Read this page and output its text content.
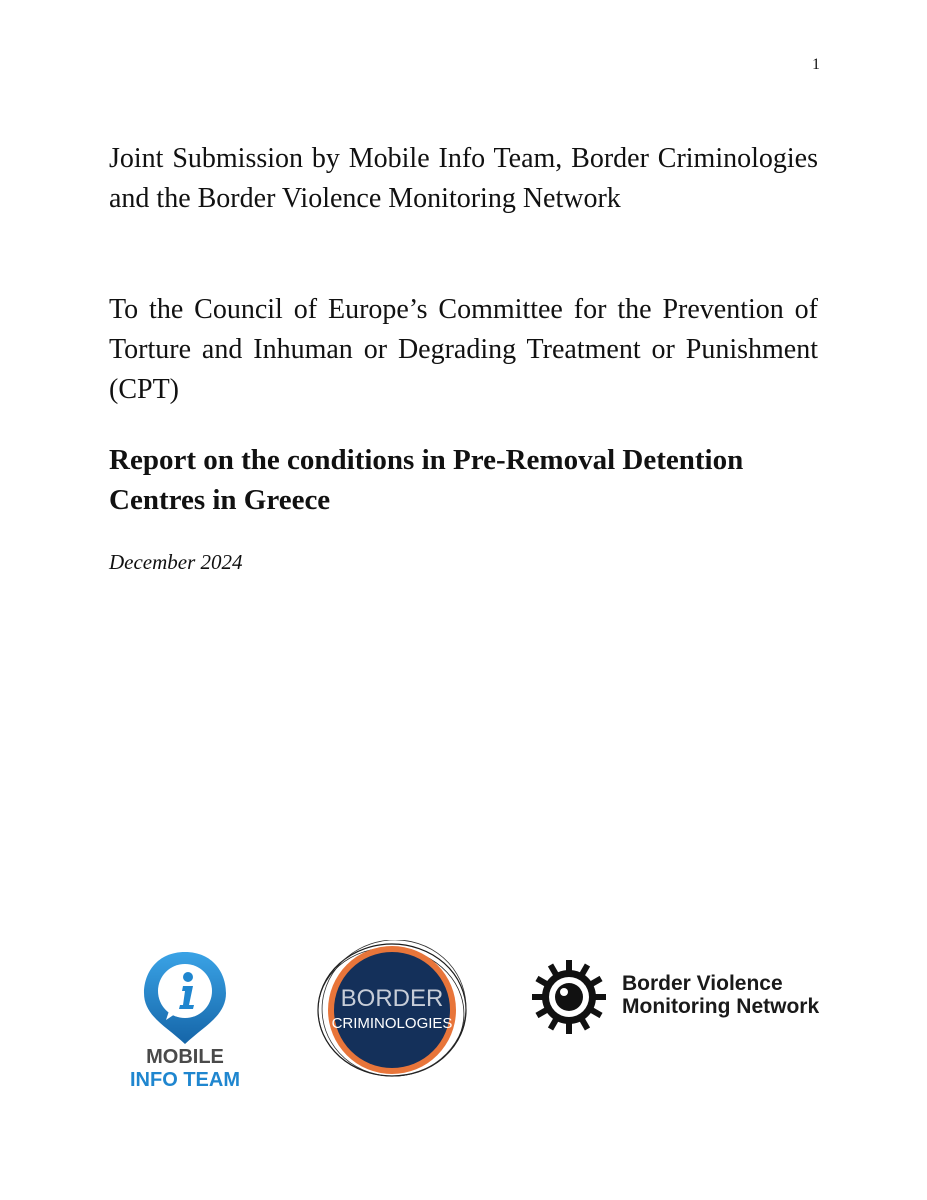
1

Joint Submission by Mobile Info Team, Border Criminologies and the Border Violence Monitoring Network

To the Council of Europe’s Committee for the Prevention of Torture and Inhuman or Degrading Treatment or Punishment (CPT)

Report on the conditions in Pre-Removal Detention Centres in Greece
December 2024
MOBILE
INFO TEAM
BORDER
CRIMINOLOGIES
Border Violence
Monitoring Network
